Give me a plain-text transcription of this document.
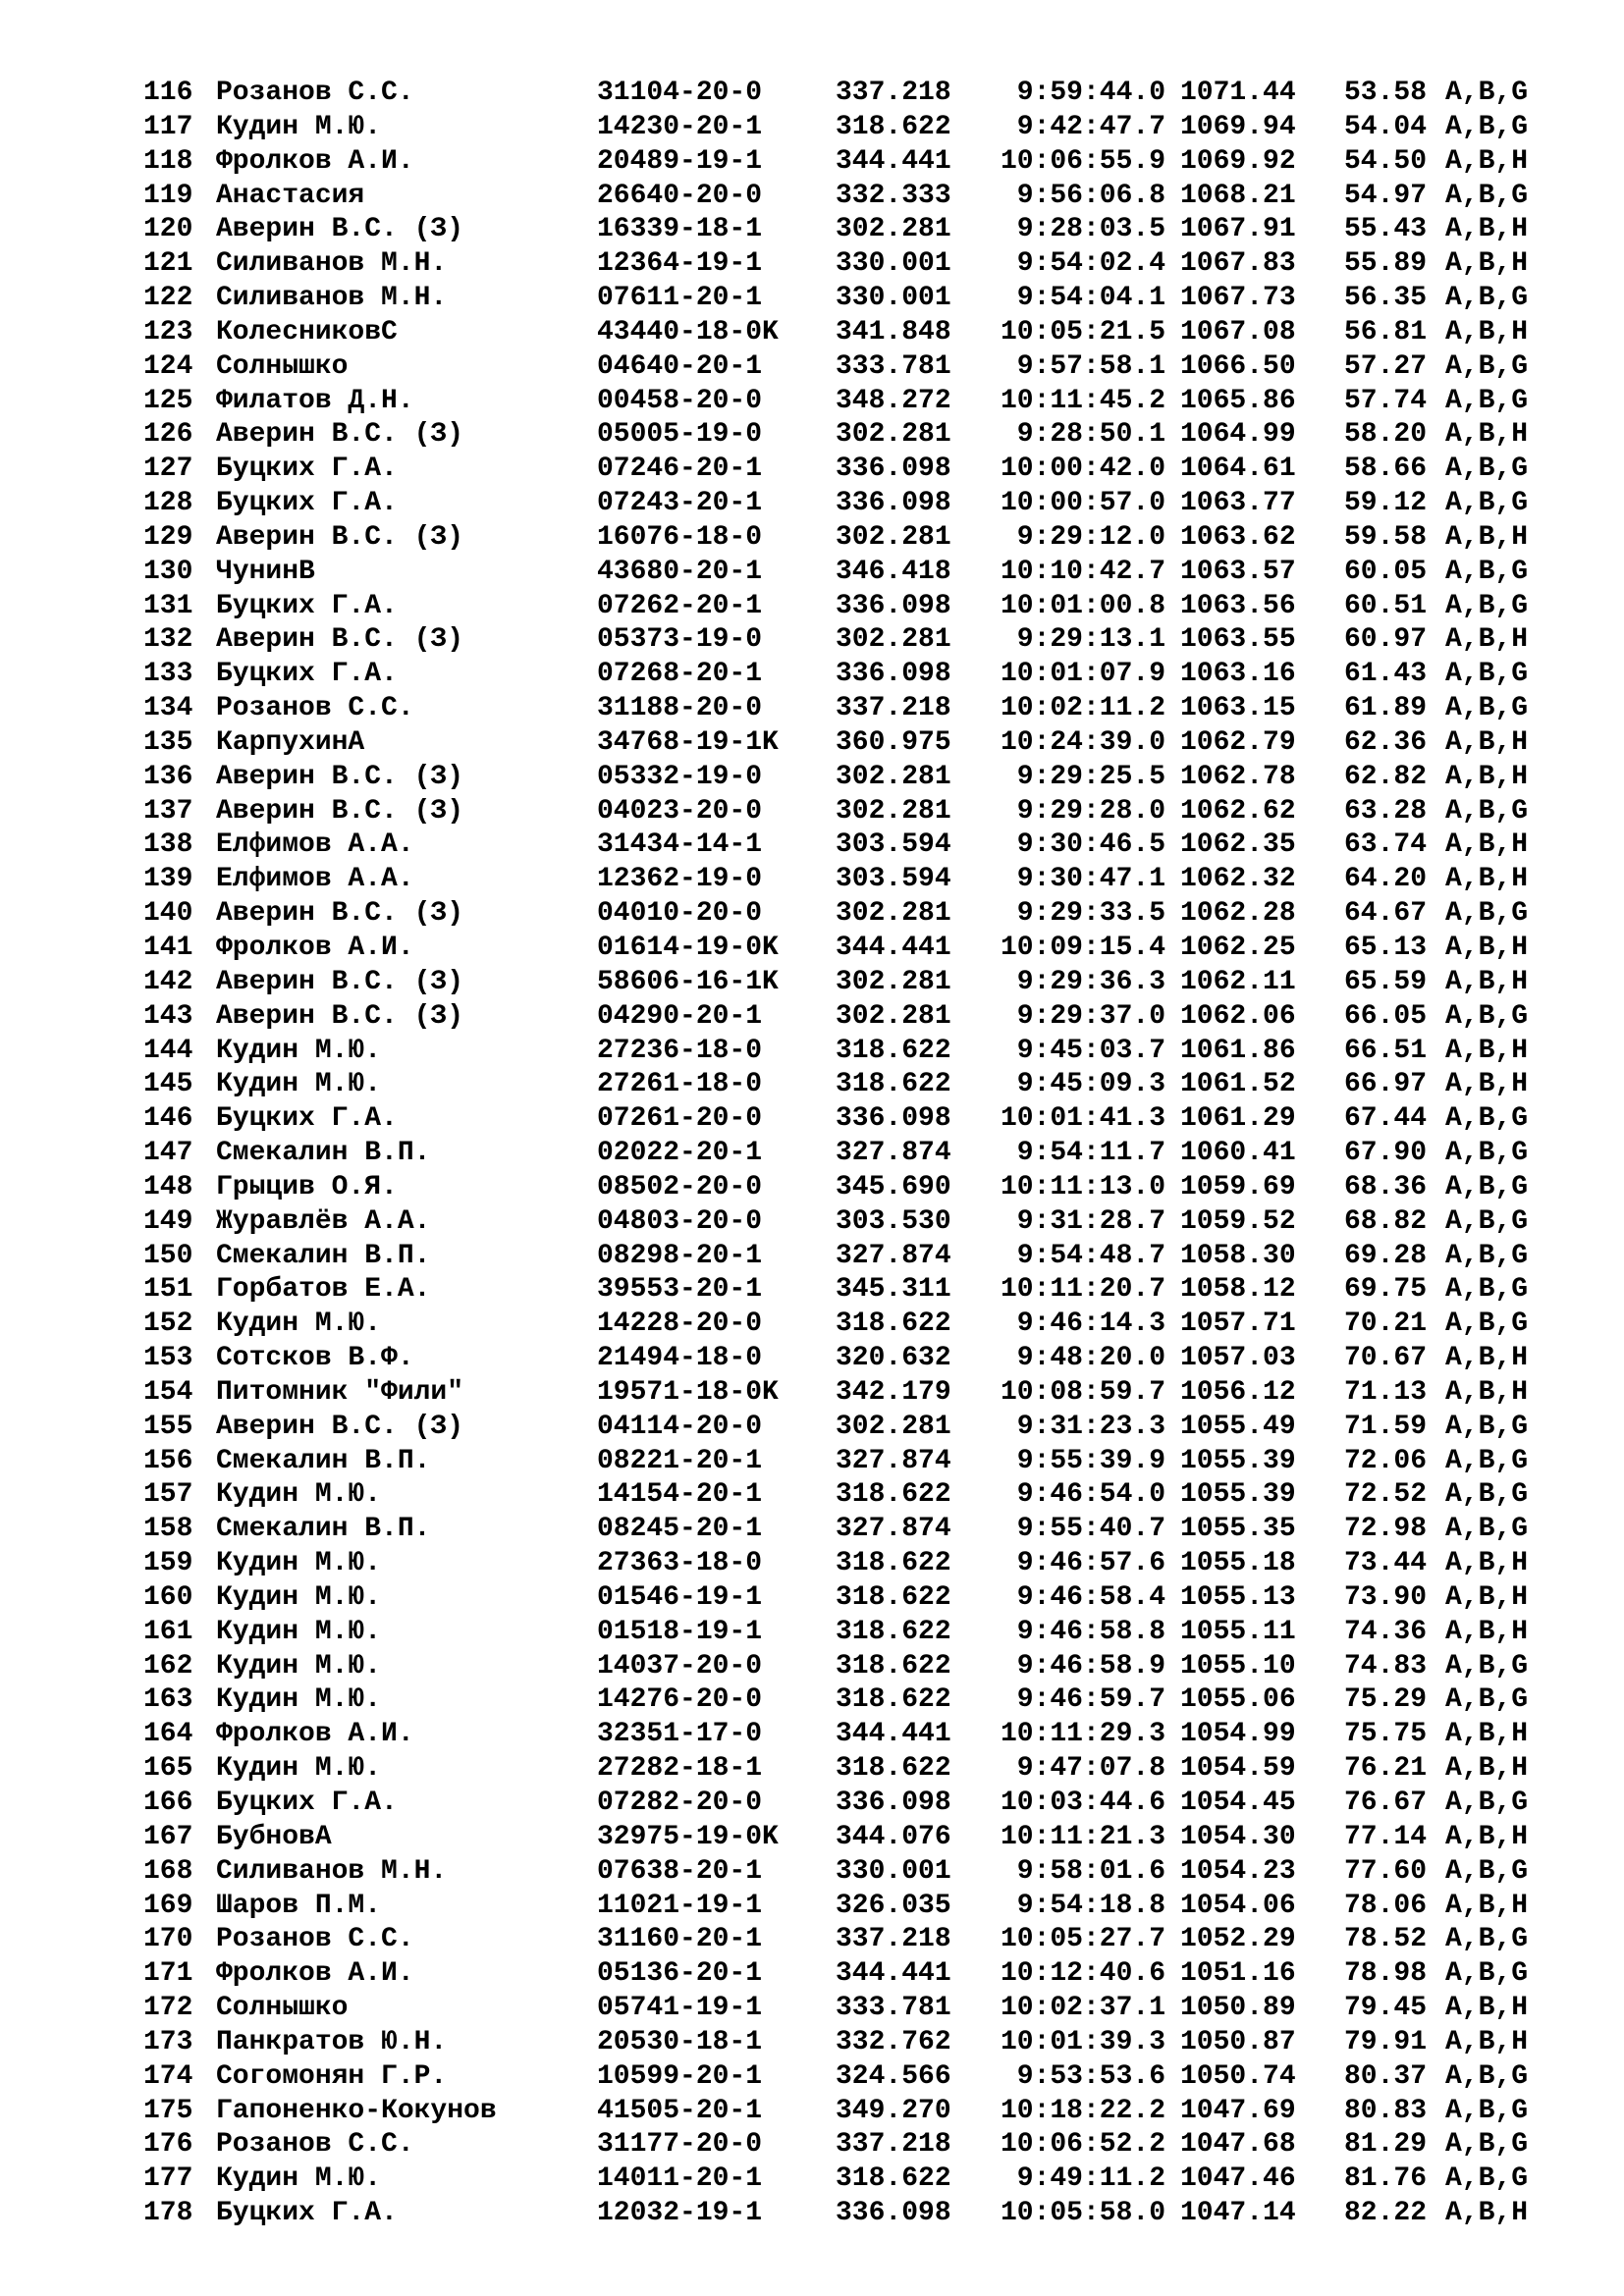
116 Розанов С.С.	31104-20-0	337.218	9:59:44.0 1071.44 53.58 A,B,G
117 Кудин М.Ю.	14230-20-1	318.622	9:42:47.7 1069.94 54.04 A,B,G
118 Фролков А.И.	20489-19-1	344.441	10:06:55.9 1069.92 54.50 A,B,H
119 Анастасия	26640-20-0	332.333	9:56:06.8 1068.21 54.97 A,B,G
120 Аверин В.С. (З)	16339-18-1	302.281	9:28:03.5 1067.91 55.43 A,B,H
121 Силиванов М.Н.	12364-19-1	330.001	9:54:02.4 1067.83 55.89 A,B,H
122 Силиванов М.Н.	07611-20-1	330.001	9:54:04.1 1067.73 56.35 A,B,G
123 КолесниковС	43440-18-0K 341.848	10:05:21.5 1067.08 56.81 A,B,H
124 Солнышко	04640-20-1	333.781	9:57:58.1 1066.50 57.27 A,B,G
125 Филатов Д.Н.	00458-20-0	348.272	10:11:45.2 1065.86 57.74 A,B,G
126 Аверин В.С. (З)	05005-19-0	302.281	9:28:50.1 1064.99 58.20 A,B,H
127 Буцких Г.А.	07246-20-1	336.098	10:00:42.0 1064.61 58.66 A,B,G
128 Буцких Г.А.	07243-20-1	336.098	10:00:57.0 1063.77 59.12 A,B,G
129 Аверин В.С. (З)	16076-18-0	302.281	9:29:12.0 1063.62 59.58 A,B,H
130 ЧунинВ	43680-20-1	346.418	10:10:42.7 1063.57 60.05 A,B,G
131 Буцких Г.А.	07262-20-1	336.098	10:01:00.8 1063.56 60.51 A,B,G
132 Аверин В.С. (З)	05373-19-0	302.281	9:29:13.1 1063.55 60.97 A,B,H
133 Буцких Г.А.	07268-20-1	336.098	10:01:07.9 1063.16 61.43 A,B,G
134 Розанов С.С.	31188-20-0	337.218	10:02:11.2 1063.15 61.89 A,B,G
135 КарпухинА	34768-19-1K 360.975	10:24:39.0 1062.79 62.36 A,B,H
136 Аверин В.С. (З)	05332-19-0	302.281	9:29:25.5 1062.78 62.82 A,B,H
137 Аверин В.С. (З)	04023-20-0	302.281	9:29:28.0 1062.62 63.28 A,B,G
138 Елфимов А.А.	31434-14-1	303.594	9:30:46.5 1062.35 63.74 A,B,H
139 Елфимов А.А.	12362-19-0	303.594	9:30:47.1 1062.32 64.20 A,B,H
140 Аверин В.С. (З)	04010-20-0	302.281	9:29:33.5 1062.28 64.67 A,B,G
141 Фролков А.И.	01614-19-0K 344.441	10:09:15.4 1062.25 65.13 A,B,H
142 Аверин В.С. (З)	58606-16-1K 302.281	9:29:36.3 1062.11 65.59 A,B,H
143 Аверин В.С. (З)	04290-20-1	302.281	9:29:37.0 1062.06 66.05 A,B,G
144 Кудин М.Ю.	27236-18-0	318.622	9:45:03.7 1061.86 66.51 A,B,H
145 Кудин М.Ю.	27261-18-0	318.622	9:45:09.3 1061.52 66.97 A,B,H
146 Буцких Г.А.	07261-20-0	336.098	10:01:41.3 1061.29 67.44 A,B,G
147 Смекалин В.П.	02022-20-1	327.874	9:54:11.7 1060.41 67.90 A,B,G
148 Грыцив О.Я.	08502-20-0	345.690	10:11:13.0 1059.69 68.36 A,B,G
149 Журавлёв А.А.	04803-20-0	303.530	9:31:28.7 1059.52 68.82 A,B,G
150 Смекалин В.П.	08298-20-1	327.874	9:54:48.7 1058.30 69.28 A,B,G
151 Горбатов Е.А.	39553-20-1	345.311	10:11:20.7 1058.12 69.75 A,B,G
152 Кудин М.Ю.	14228-20-0	318.622	9:46:14.3 1057.71 70.21 A,B,G
153 Сотсков В.Ф.	21494-18-0	320.632	9:48:20.0 1057.03 70.67 A,B,H
154 Питомник "Фили"	19571-18-0K 342.179	10:08:59.7 1056.12 71.13 A,B,H
155 Аверин В.С. (З)	04114-20-0	302.281	9:31:23.3 1055.49 71.59 A,B,G
156 Смекалин В.П.	08221-20-1	327.874	9:55:39.9 1055.39 72.06 A,B,G
157 Кудин М.Ю.	14154-20-1	318.622	9:46:54.0 1055.39 72.52 A,B,G
158 Смекалин В.П.	08245-20-1	327.874	9:55:40.7 1055.35 72.98 A,B,G
159 Кудин М.Ю.	27363-18-0	318.622	9:46:57.6 1055.18 73.44 A,B,H
160 Кудин М.Ю.	01546-19-1	318.622	9:46:58.4 1055.13 73.90 A,B,H
161 Кудин М.Ю.	01518-19-1	318.622	9:46:58.8 1055.11 74.36 A,B,H
162 Кудин М.Ю.	14037-20-0	318.622	9:46:58.9 1055.10 74.83 A,B,G
163 Кудин М.Ю.	14276-20-0	318.622	9:46:59.7 1055.06 75.29 A,B,G
164 Фролков А.И.	32351-17-0	344.441	10:11:29.3 1054.99 75.75 A,B,H
165 Кудин М.Ю.	27282-18-1	318.622	9:47:07.8 1054.59 76.21 A,B,H
166 Буцких Г.А.	07282-20-0	336.098	10:03:44.6 1054.45 76.67 A,B,G
167 БубновА	32975-19-0K 344.076	10:11:21.3 1054.30 77.14 A,B,H
168 Силиванов М.Н.	07638-20-1	330.001	9:58:01.6 1054.23 77.60 A,B,G
169 Шаров П.М.	11021-19-1	326.035	9:54:18.8 1054.06 78.06 A,B,H
170 Розанов С.С.	31160-20-1	337.218	10:05:27.7 1052.29 78.52 A,B,G
171 Фролков А.И.	05136-20-1	344.441	10:12:40.6 1051.16 78.98 A,B,G
172 Солнышко	05741-19-1	333.781	10:02:37.1 1050.89 79.45 A,B,H
173 Панкратов Ю.Н.	20530-18-1	332.762	10:01:39.3 1050.87 79.91 A,B,H
174 Согомонян Г.Р.	10599-20-1	324.566	9:53:53.6 1050.74 80.37 A,B,G
175 Гапоненко-Кокунов	41505-20-1	349.270	10:18:22.2 1047.69 80.83 A,B,G
176 Розанов С.С.	31177-20-0	337.218	10:06:52.2 1047.68 81.29 A,B,G
177 Кудин М.Ю.	14011-20-1	318.622	9:49:11.2 1047.46 81.76 A,B,G
178 Буцких Г.А.	12032-19-1	336.098	10:05:58.0 1047.14 82.22 A,B,H
